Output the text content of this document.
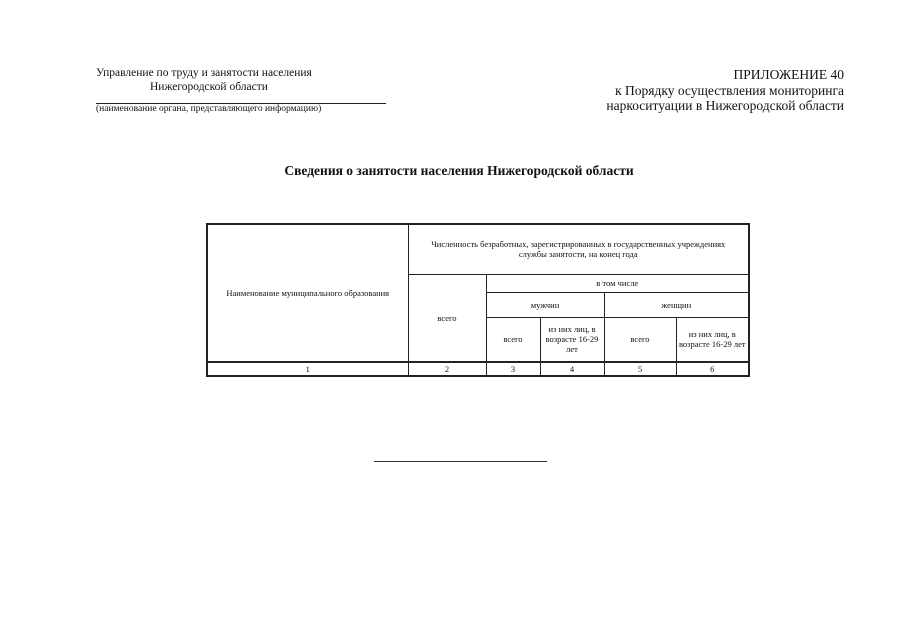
Управление по труду и занятости населения
Нижегородской области
(наименование органа, представляющего информацию)
ПРИЛОЖЕНИЕ 40
к Порядку осуществления мониторинга
наркоситуации в Нижегородской области
Сведения о занятости населения Нижегородской области
Наименование муниципального образования	Численность безработных, зарегистрированных в государственных учреждениях службы занятости, на конец года				
	всего	в том числе			
		мужчин		женщин	
		всего	из них лиц, в возрасте 16-29 лет	всего	из них лиц, в возрасте 16-29 лет
1	2	3	4	5	6
